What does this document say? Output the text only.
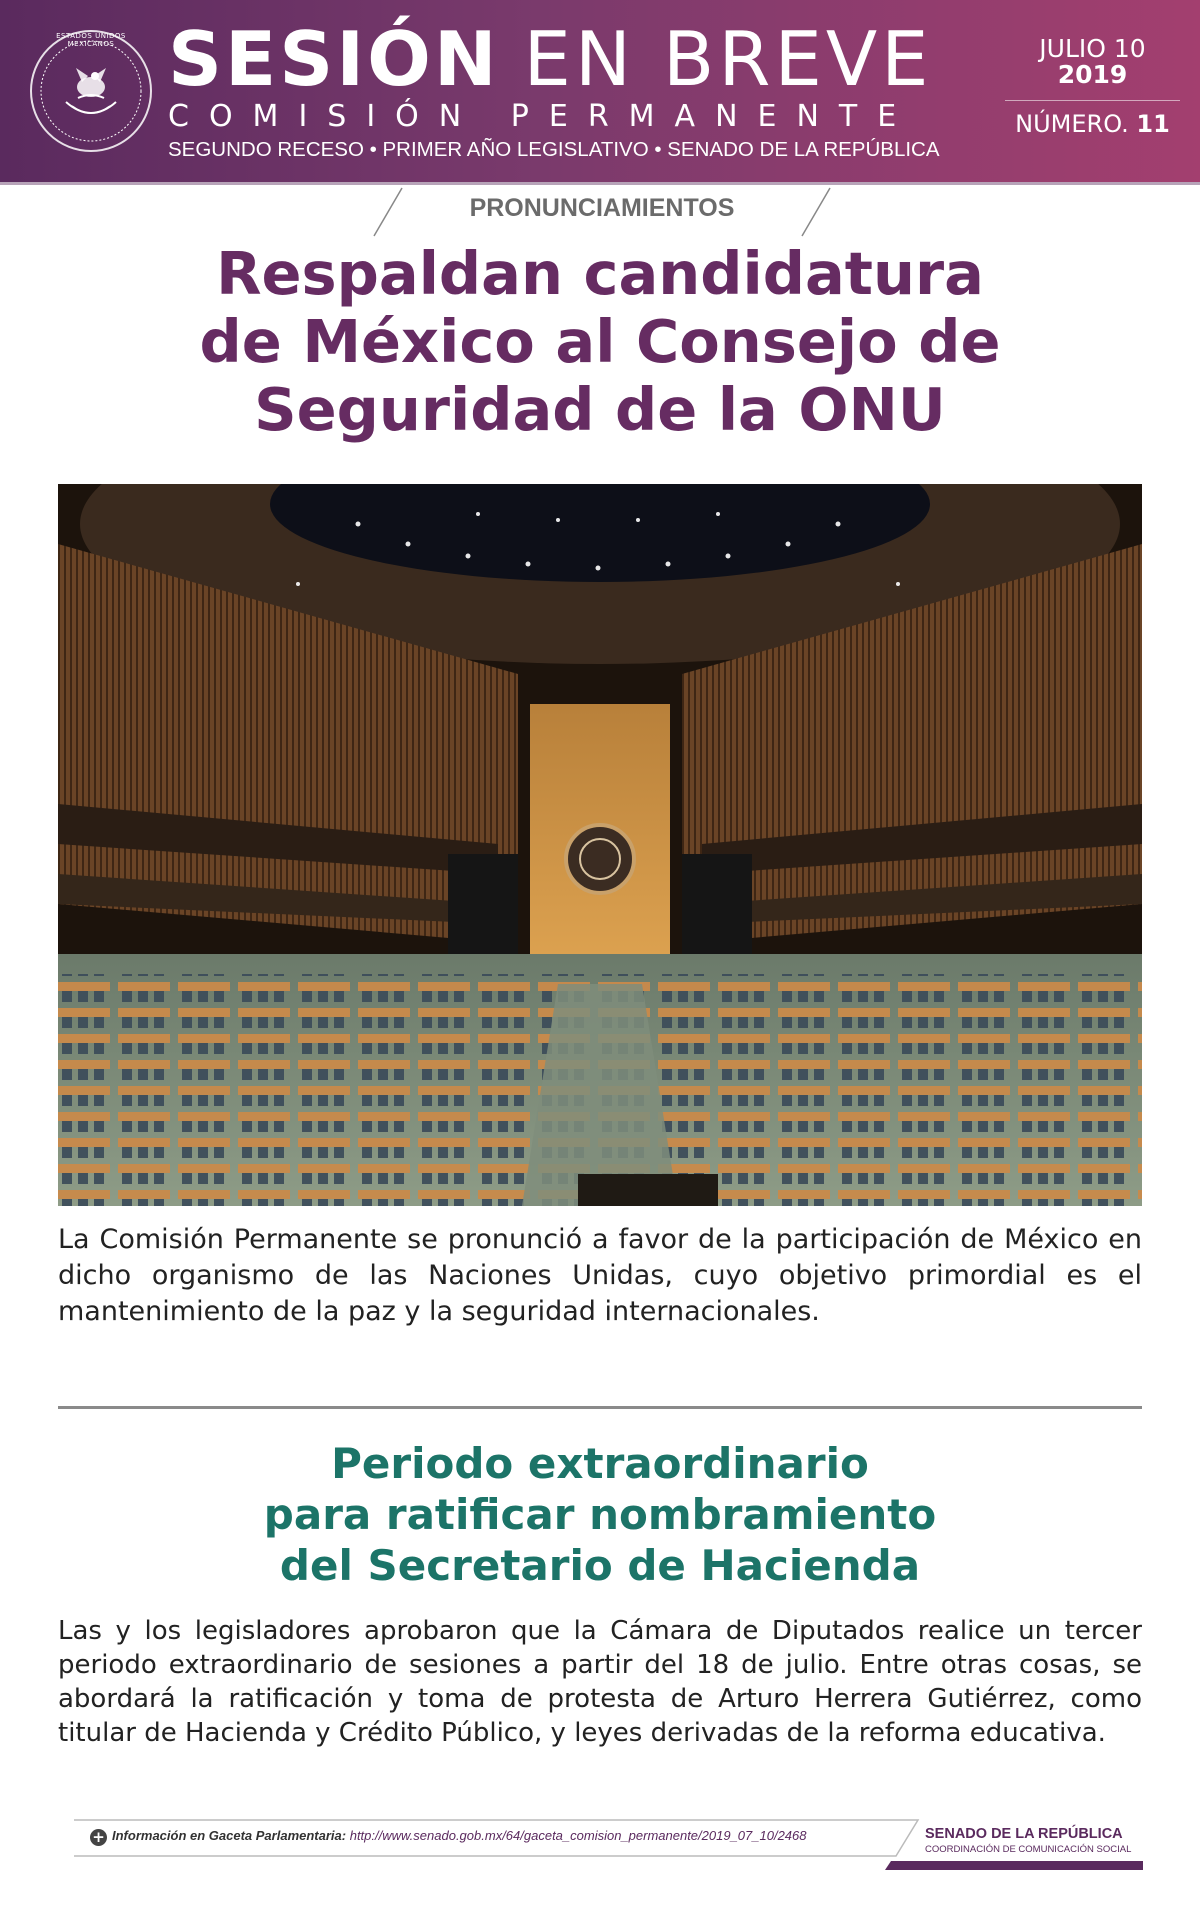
ESTADOS UNIDOS MEXICANOS SESIÓN EN BREVE
COMISIÓN PERMANENTE
SEGUNDO RECESO • PRIMER AÑO LEGISLATIVO • SENADO DE LA REPÚBLICA
JULIO 10
2019
NÚMERO. 11
PRONUNCIAMIENTOS
Respaldan candidatura
de México al Consejo de
Seguridad de la ONU
La Comisión Permanente se pronunció a favor de la participación de México en dicho organismo de las Naciones Unidas, cuyo objetivo primordial es el mantenimiento de la paz y la seguridad internacionales.
Periodo extraordinario
para ratificar nombramiento
del Secretario de Hacienda
Las y los legisladores aprobaron que la Cámara de Diputados realice un tercer periodo extraordinario de sesiones a partir del 18 de julio. Entre otras cosas, se abordará la ratificación y toma de protesta de Arturo Herrera Gutiérrez, como titular de Hacienda y Crédito Público, y leyes derivadas de la reforma educativa.
+ Información en Gaceta Parlamentaria: http://www.senado.gob.mx/64/gaceta_comision_permanente/2019_07_10/2468	SENADO DE LA REPÚBLICA
COORDINACIÓN DE COMUNICACIÓN SOCIAL
